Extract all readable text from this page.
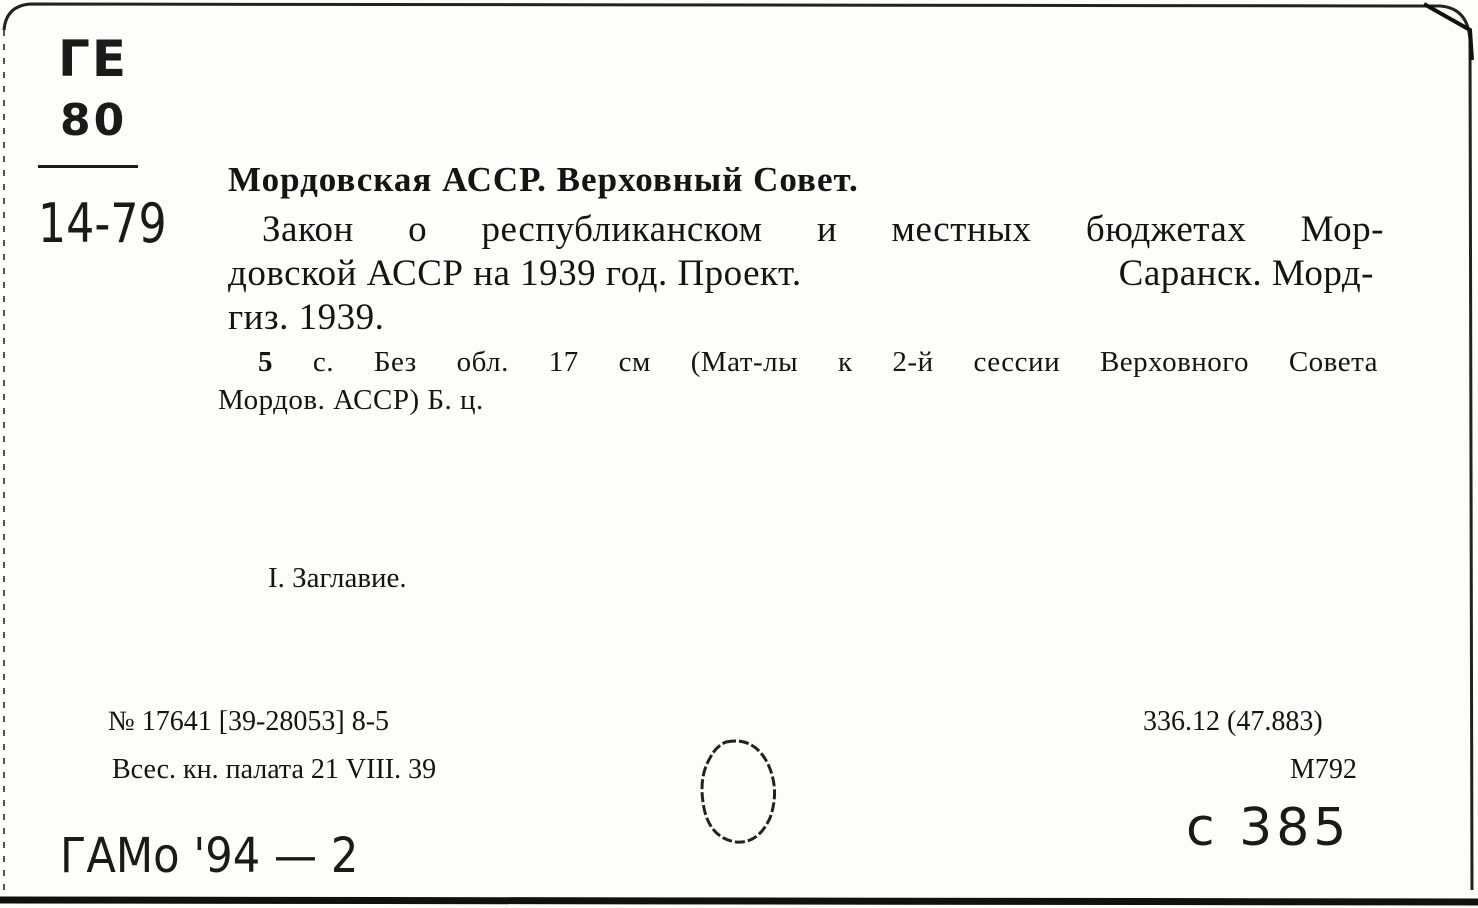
ГЕ
80
14-79
Мордовская АССР. Верховный Совет.
Закон о республиканском и местных бюджетах Мор-
довской АССР на 1939 год. Проект.	Саранск. Морд-
гиз. 1939.
5 с. Без обл. 17 см (Мат-лы к 2-й сессии Верховного Совета
Мордов. АССР) Б. ц.
I. Заглавие.
№ 17641 [39-28053] 8-5
Всес. кн. палата 21 VIII. 39
336.12 (47.883)
М792
ГАМо '94 — 2	с 385
